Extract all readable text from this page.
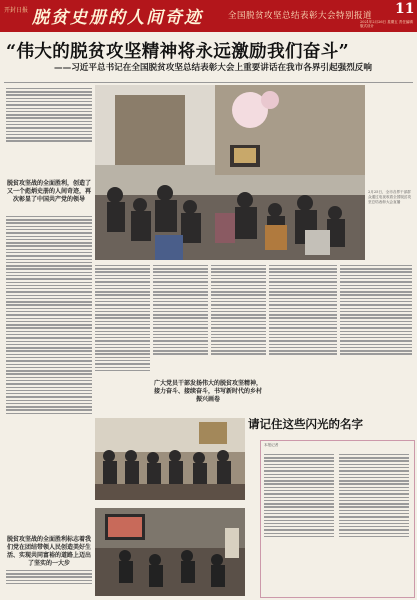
开封日报 脱贫史册的人间奇迹	全国脱贫攻坚总结表彰大会特别报道 11
2021年2月26日 星期五 责任编辑 版式设计
“伟大的脱贫攻坚精神将永远激励我们奋斗”
——习近平总书记在全国脱贫攻坚总结表彰大会上重要讲话在我市各界引起强烈反响
脱贫攻坚战的全面胜利，创造了又一个彪炳史册的人间奇迹，再次彰显了中国共产党的领导
脱贫攻坚战的全面胜利标志着我们党在团结带领人民创造美好生活、实现共同富裕的道路上迈出了坚实的一大步
2月25日，全市各界干部群众通过电视收看全国脱贫攻坚总结表彰大会直播
广大党员干部发扬伟大的脱贫攻坚精神，接力奋斗、接续奋斗，书写新时代的乡村振兴画卷
请记住这些闪光的名字
本报记者
